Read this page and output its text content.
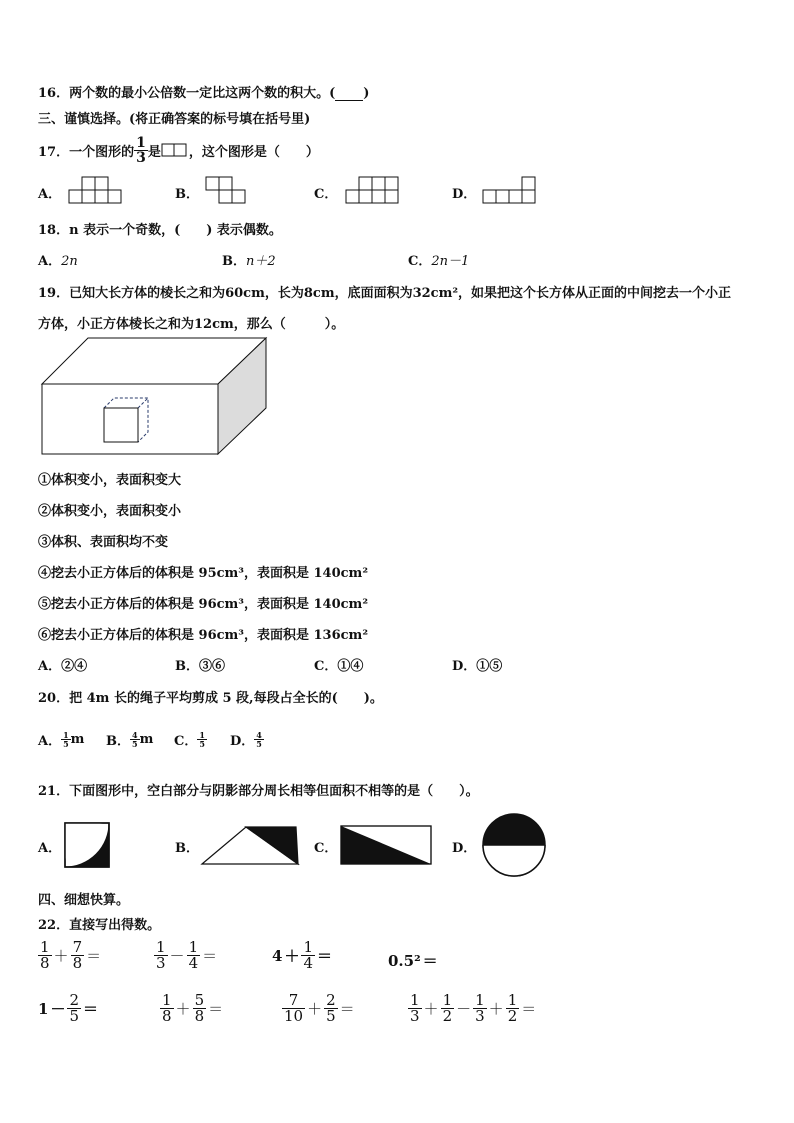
16．两个数的最小公倍数一定比这两个数的积大。( )
三、谨慎选择。(将正确答案的标号填在括号里)
17．一个图形的 $\frac{1}{3}$ 是 ，这个图形是（　　）
A．	B．	C．	D．
18．n 表示一个奇数，(　　) 表示偶数。
A．2n	B．n＋2	C．2n－1
19．已知大长方体的棱长之和为60cm，长为8cm，底面面积为32cm²，如果把这个长方体从正面的中间挖去一个小正
方体，小正方体棱长之和为12cm，那么（　　　）。
①体积变小，表面积变大
②体积变小，表面积变小
③体积、表面积均不变
④挖去小正方体后的体积是 95cm³，表面积是 140cm²
⑤挖去小正方体后的体积是 96cm³，表面积是 140cm²
⑥挖去小正方体后的体积是 96cm³，表面积是 136cm²
A．②④	B．③⑥	C．①④	D．①⑤
20．把 4m 长的绳子平均剪成 5 段,每段占全长的(　　)。
A． $\frac{1}{5}$ m B． $\frac{4}{5}$ m C． $\frac{1}{5}$ D． $\frac{4}{5}$
21．下面图形中，空白部分与阴影部分周长相等但面积不相等的是（　　）。
A．	B．	C．	D．
四、细想快算。
22．直接写出得数。
$\frac{1}{8} + \frac{7}{8}$ ＝	$\frac{1}{3} - \frac{1}{4}$ ＝	$4 + \frac{1}{4}$ ＝	0.5² ＝
$1 - \frac{2}{5}$ ＝	$\frac{1}{8} + \frac{5}{8}$ ＝	$\frac{7}{10} + \frac{2}{5}$ ＝	$\frac{1}{3} + \frac{1}{2} - \frac{1}{3} + \frac{1}{2}$ ＝
